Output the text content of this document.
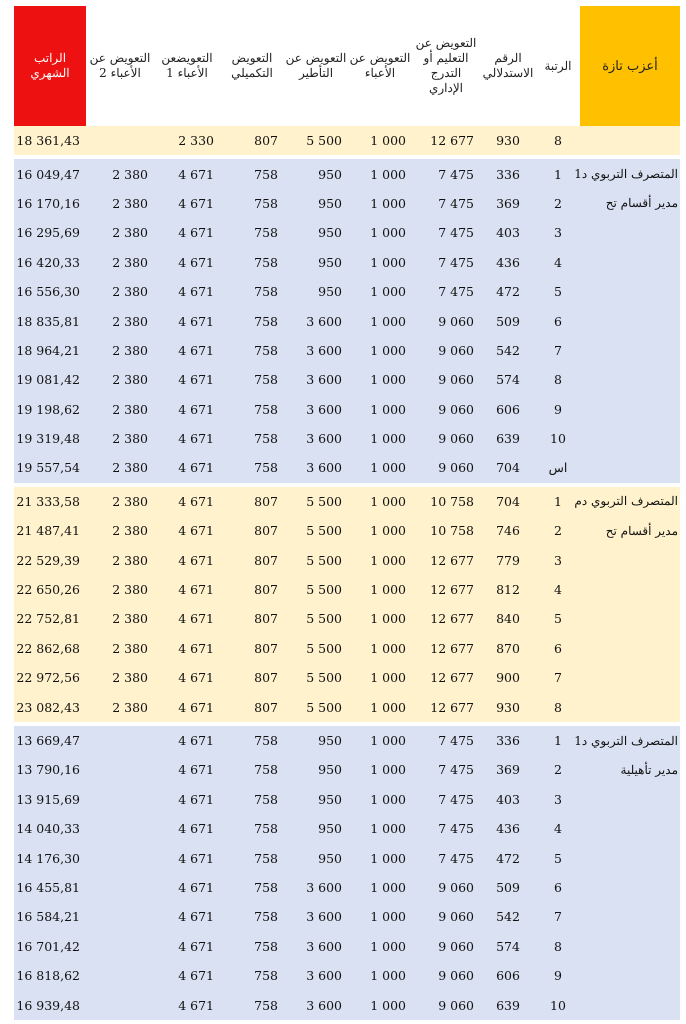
الراتب الشهري	التعويض عن الأعباء 2	التعويضعن الأعباء 1	التعويض التكميلي	التعويض عن التأطير	التعويض عن الأعباء	التعويض عن التعليم أو التدرج الإداري	الرقم الاستدلالي	الرتبة	أعزب تازة
18 361,43		2 330	807	5 500	1 000	12 677	930	8	

16 049,47	2 380	4 671	758	950	1 000	7 475	336	1	المتصرف التربوي د1
16 170,16	2 380	4 671	758	950	1 000	7 475	369	2	مدير أقسام تح
16 295,69	2 380	4 671	758	950	1 000	7 475	403	3	
16 420,33	2 380	4 671	758	950	1 000	7 475	436	4	
16 556,30	2 380	4 671	758	950	1 000	7 475	472	5	
18 835,81	2 380	4 671	758	3 600	1 000	9 060	509	6	
18 964,21	2 380	4 671	758	3 600	1 000	9 060	542	7	
19 081,42	2 380	4 671	758	3 600	1 000	9 060	574	8	
19 198,62	2 380	4 671	758	3 600	1 000	9 060	606	9	
19 319,48	2 380	4 671	758	3 600	1 000	9 060	639	10	
19 557,54	2 380	4 671	758	3 600	1 000	9 060	704	اس	

21 333,58	2 380	4 671	807	5 500	1 000	10 758	704	1	المتصرف التربوي دم
21 487,41	2 380	4 671	807	5 500	1 000	10 758	746	2	مدير أقسام تح
22 529,39	2 380	4 671	807	5 500	1 000	12 677	779	3	
22 650,26	2 380	4 671	807	5 500	1 000	12 677	812	4	
22 752,81	2 380	4 671	807	5 500	1 000	12 677	840	5	
22 862,68	2 380	4 671	807	5 500	1 000	12 677	870	6	
22 972,56	2 380	4 671	807	5 500	1 000	12 677	900	7	
23 082,43	2 380	4 671	807	5 500	1 000	12 677	930	8	

13 669,47		4 671	758	950	1 000	7 475	336	1	المتصرف التربوي د1
13 790,16		4 671	758	950	1 000	7 475	369	2	مدير تأهيلية
13 915,69		4 671	758	950	1 000	7 475	403	3	
14 040,33		4 671	758	950	1 000	7 475	436	4	
14 176,30		4 671	758	950	1 000	7 475	472	5	
16 455,81		4 671	758	3 600	1 000	9 060	509	6	
16 584,21		4 671	758	3 600	1 000	9 060	542	7	
16 701,42		4 671	758	3 600	1 000	9 060	574	8	
16 818,62		4 671	758	3 600	1 000	9 060	606	9	
16 939,48		4 671	758	3 600	1 000	9 060	639	10	
